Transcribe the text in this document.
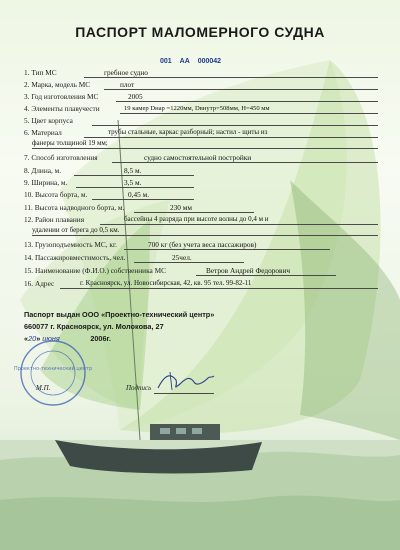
ПАСПОРТ МАЛОМЕРНОГО СУДНА
001 АА 000042
1. Тип МС	гребное судно
2. Марка, модель МС	плот
3. Год изготовления МС	2005
4. Элементы плавучести	19 камер Dнар =1220мм, Dвнутр=508мм, H=450 мм
5. Цвет корпуса
6. Материал	трубы стальные, каркас разборный; настил - щиты из
фанеры толщиной 19 мм;
7. Способ изготовления	судно самостоятельной постройки
8. Длина, м.	8,5 м.
9. Ширина, м.	3,5 м.
10. Высота борта, м.	0,45 м.
11. Высота надводного борта, м.	230 мм
12. Район плавания	бассейны 4 разряда при высоте волны до 0,4 м и
удалении от берега до 0,5 км.
13. Грузоподъемность МС, кг.	700 кг (без учета веса пассажиров)
14. Пассажировместимость, чел.	25чел.
15. Наименование (Ф.И.О.) собственника МС	Ветров Андрей Федорович
16. Адрес	г. Красноярск, ул. Новосибирская, 42, кв. 95 тел. 99-82-11
Паспорт выдан ООО «Проектно-технический центр»
660077 г. Красноярск, ул. Молокова, 27
«20» июня	2006г.
Проектно-технический центр
М.П.	Подпись
